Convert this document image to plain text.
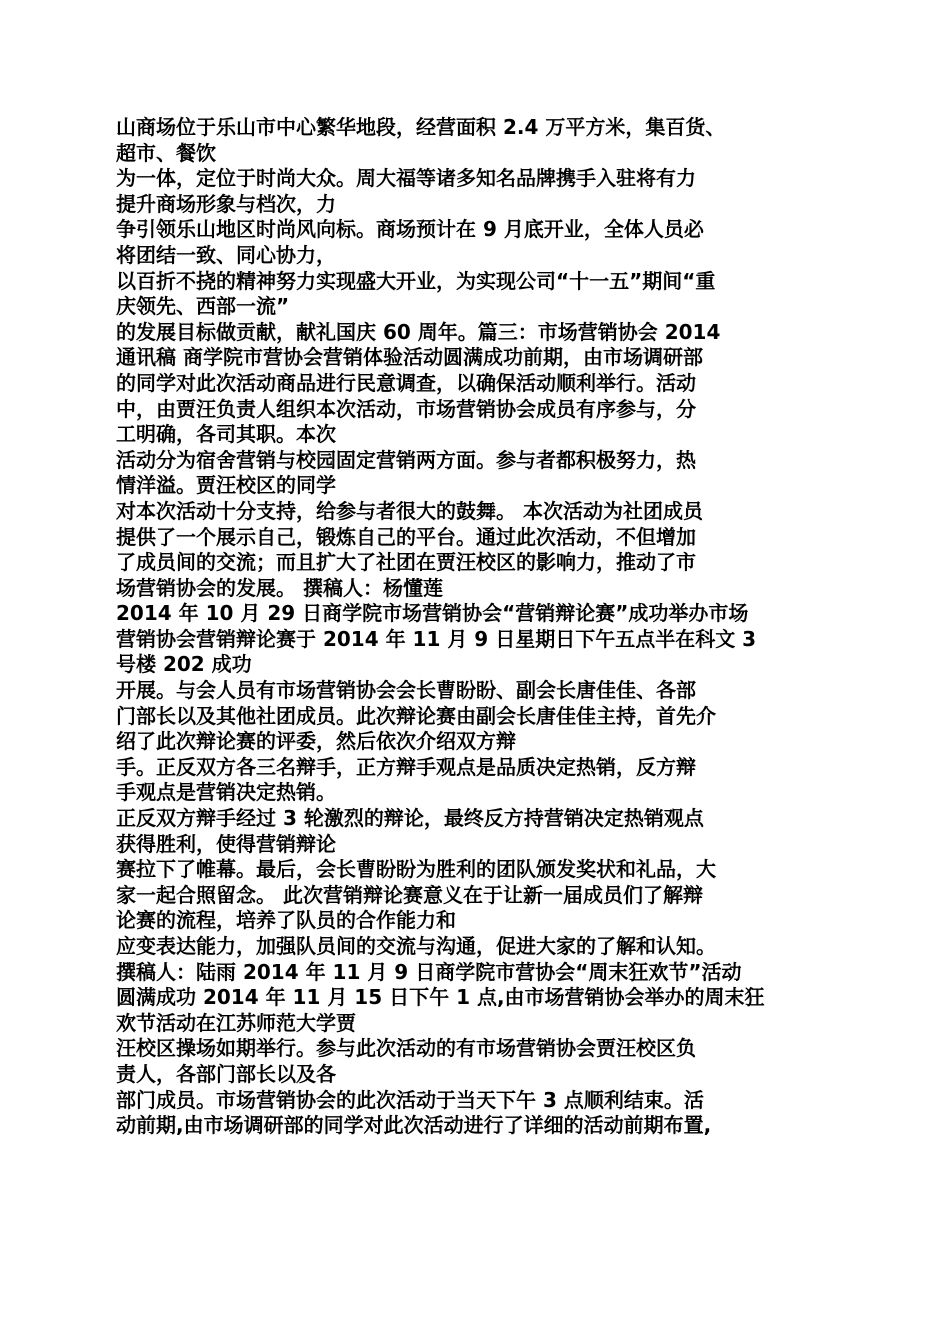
山商场位于乐山市中心繁华地段，经营面积 2.4 万平方米，集百货、
超市、餐饮
为一体，定位于时尚大众。周大福等诸多知名品牌携手入驻将有力
提升商场形象与档次，力
争引领乐山地区时尚风向标。商场预计在 9 月底开业，全体人员必
将团结一致、同心协力，
以百折不挠的精神努力实现盛大开业，为实现公司“十一五”期间“重
庆领先、西部一流”
的发展目标做贡献，献礼国庆 60 周年。篇三：市场营销协会 2014
通讯稿 商学院市营协会营销体验活动圆满成功前期，由市场调研部
的同学对此次活动商品进行民意调查，以确保活动顺利举行。活动
中，由贾汪负责人组织本次活动，市场营销协会成员有序参与，分
工明确，各司其职。本次
活动分为宿舍营销与校园固定营销两方面。参与者都积极努力，热
情洋溢。贾汪校区的同学
对本次活动十分支持，给参与者很大的鼓舞。 本次活动为社团成员
提供了一个展示自己，锻炼自己的平台。通过此次活动，不但增加
了成员间的交流；而且扩大了社团在贾汪校区的影响力，推动了市
场营销协会的发展。 撰稿人：杨懂莲
2014 年 10 月 29 日商学院市场营销协会“营销辩论赛”成功举办市场
营销协会营销辩论赛于 2014 年 11 月 9 日星期日下午五点半在科文 3
号楼 202 成功
开展。与会人员有市场营销协会会长曹盼盼、副会长唐佳佳、各部
门部长以及其他社团成员。此次辩论赛由副会长唐佳佳主持，首先介
绍了此次辩论赛的评委，然后依次介绍双方辩
手。正反双方各三名辩手，正方辩手观点是品质决定热销，反方辩
手观点是营销决定热销。
正反双方辩手经过 3 轮激烈的辩论，最终反方持营销决定热销观点
获得胜利，使得营销辩论
赛拉下了帷幕。最后，会长曹盼盼为胜利的团队颁发奖状和礼品，大
家一起合照留念。 此次营销辩论赛意义在于让新一届成员们了解辩
论赛的流程，培养了队员的合作能力和
应变表达能力，加强队员间的交流与沟通，促进大家的了解和认知。
撰稿人：陆雨 2014 年 11 月 9 日商学院市营协会“周末狂欢节”活动
圆满成功 2014 年 11 月 15 日下午 1 点,由市场营销协会举办的周末狂
欢节活动在江苏师范大学贾
汪校区操场如期举行。参与此次活动的有市场营销协会贾汪校区负
责人，各部门部长以及各
部门成员。市场营销协会的此次活动于当天下午 3 点顺利结束。活
动前期,由市场调研部的同学对此次活动进行了详细的活动前期布置,
